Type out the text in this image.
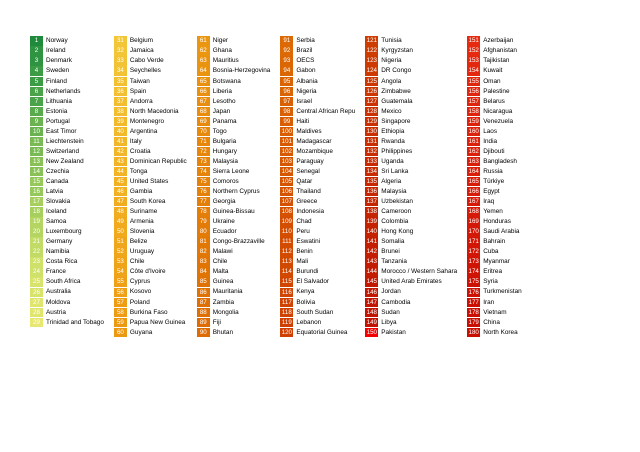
1	Norway
2	Ireland
3	Denmark
4	Sweden
5	Finland
6	Netherlands
7	Lithuania
8	Estonia
9	Portugal
10 East Timor
11 Liechtenstein
12 Switzerland
13 New Zealand
14 Czechia
15 Canada
16 Latvia
17 Slovakia
18 Iceland
19 Samoa
20 Luxembourg
21 Germany
22 Namibia
23 Costa Rica
24 France
25 South Africa
26 Australia
27 Moldova
28 Austria
29 Trinidad and Tobago
31 Belgium
32 Jamaica
33 Cabo Verde
34 Seychelles
35 Taiwan
36 Spain
37 Andorra
38 North Macedonia
39 Montenegro
40 Argentina
41 Italy
42 Croatia
43 Dominican Republic
44 Tonga
45 United States
46 Gambia
47 South Korea
48 Suriname
49 Armenia
50 Slovenia
51 Belize
52 Uruguay
53 Chile
54 Côte d'Ivoire
55 Cyprus
56 Kosovo
57 Poland
58 Burkina Faso
59 Papua New Guinea
60 Guyana
61 Niger
62 Ghana
63 Mauritius
64 Bosnia-Herzegovina
65 Botswana
66 Liberia
67 Lesotho
68 Japan
69 Panama
70 Togo
71 Bulgaria
72 Hungary
73 Malaysia
74 Sierra Leone
75 Comoros
76 Northern Cyprus
77 Georgia
78 Guinea-Bissau
79 Ukraine
80 Ecuador
81 Congo-Brazzaville
82 Malawi
83 Chile
84 Malta
85 Guinea
86 Mauritania
87 Zambia
88 Mongolia
89 Fiji
90 Bhutan
91 Serbia
92 Brazil
93 OECS
94 Gabon
95 Albania
96 Nigeria
97 Israel
98 Central African Repu
99 Haiti
100 Maldives
101 Madagascar
102 Mozambique
103 Paraguay
104 Senegal
105 Qatar
106 Thailand
107 Greece
108 Indonesia
109 Chad
110 Peru
111 Eswatini
112 Benin
113 Mali
114 Burundi
115 El Salvador
116 Kenya
117 Bolivia
118 South Sudan
119 Lebanon
120 Equatorial Guinea
121 Tunisia
122 Kyrgyzstan
123 Nigeria
124 DR Congo
125 Angola
126 Zimbabwe
127 Guatemala
128 Mexico
129 Singapore
130 Ethiopia
131 Rwanda
132 Philippines
133 Uganda
134 Sri Lanka
135 Algeria
136 Malaysia
137 Uzbekistan
138 Cameroon
139 Colombia
140 Hong Kong
141 Somalia
142 Brunei
143 Tanzania
144 Morocco / Western Sahara
145 United Arab Emirates
146 Jordan
147 Cambodia
148 Sudan
149 Libya
150 Pakistan
151 Azerbaijan
152 Afghanistan
153 Tajikistan
154 Kuwait
155 Oman
156 Palestine
157 Belarus
158 Nicaragua
159 Venezuela
160 Laos
161 India
162 Djibouti
163 Bangladesh
164 Russia
165 Türkiye
166 Egypt
167 Iraq
168 Yemen
169 Honduras
170 Saudi Arabia
171 Bahrain
172 Cuba
173 Myanmar
174 Eritrea
175 Syria
176 Turkmenistan
177 Iran
178 Vietnam
179 China
180 North Korea
